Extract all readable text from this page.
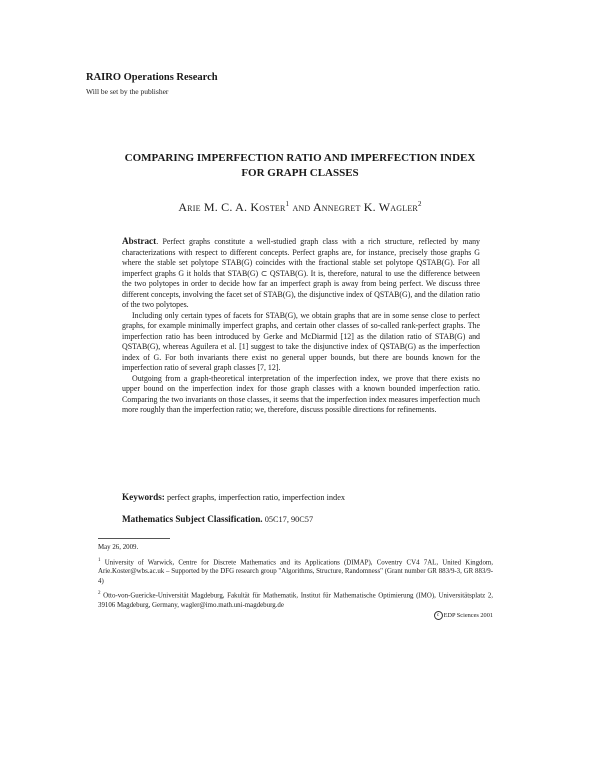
RAIRO Operations Research
Will be set by the publisher
COMPARING IMPERFECTION RATIO AND IMPERFECTION INDEX
FOR GRAPH CLASSES
Arie M. C. A. Koster$^1$ and Annegret K. Wagler$^2$

Abstract. Perfect graphs constitute a well-studied graph class with a rich structure, reflected by many characterizations with respect to different concepts. Perfect graphs are, for instance, precisely those graphs G where the stable set polytope STAB(G) coincides with the fractional stable set polytope QSTAB(G). For all imperfect graphs G it holds that STAB(G) ⊂ QSTAB(G). It is, therefore, natural to use the difference between the two polytopes in order to decide how far an imperfect graph is away from being perfect. We discuss three different concepts, involving the facet set of STAB(G), the disjunctive index of QSTAB(G), and the dilation ratio of the two polytopes.

Including only certain types of facets for STAB(G), we obtain graphs that are in some sense close to perfect graphs, for example minimally imperfect graphs, and certain other classes of so-called rank-perfect graphs. The imperfection ratio has been introduced by Gerke and McDiarmid [12] as the dilation ratio of STAB(G) and QSTAB(G), whereas Aguilera et al. [1] suggest to take the disjunctive index of QSTAB(G) as the imperfection index of G. For both invariants there exist no general upper bounds, but there are bounds known for the imperfection ratio of several graph classes [7, 12].

Outgoing from a graph-theoretical interpretation of the imperfection index, we prove that there exists no upper bound on the imperfection index for those graph classes with a known bounded imperfection ratio. Comparing the two invariants on those classes, it seems that the imperfection index measures imperfection much more roughly than the imperfection ratio; we, therefore, discuss possible directions for refinements.

Keywords: perfect graphs, imperfection ratio, imperfection index
Mathematics Subject Classification. 05C17, 90C57

May 26, 2009.

$^1$ University of Warwick, Centre for Discrete Mathematics and its Applications (DIMAP), Coventry CV4 7AL, United Kingdom, Arie.Koster@wbs.ac.uk – Supported by the DFG research group "Algorithms, Structure, Randomness" (Grant number GR 883/9-3, GR 883/9-4)

$^2$ Otto-von-Guericke-Universität Magdeburg, Fakultät für Mathematik, Institut für Mathematische Optimierung (IMO), Universitätsplatz 2, 39106 Magdeburg, Germany, wagler@imo.math.uni-magdeburg.de

c EDP Sciences 2001
